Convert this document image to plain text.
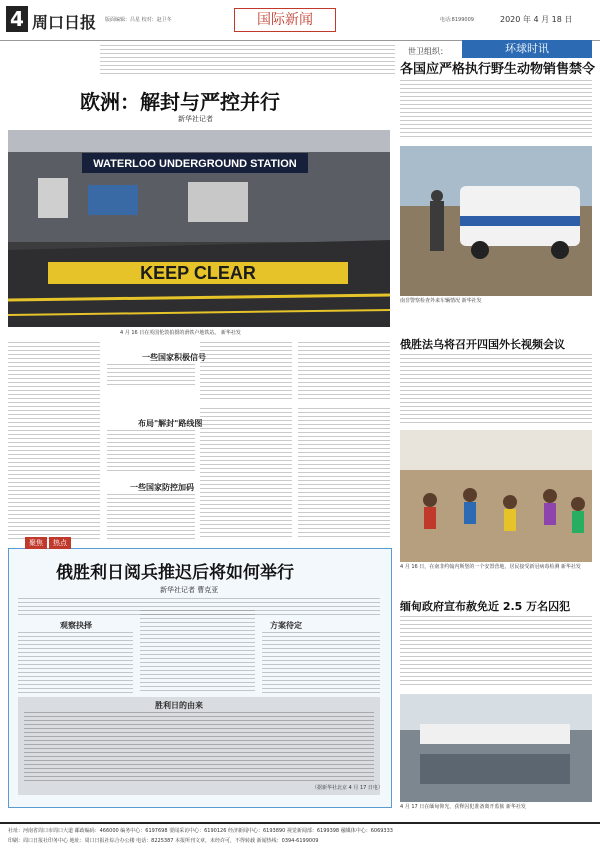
4 周口日报 版面编辑：吕星 校对：赵卫冬	国际新闻	电话:8199009	2020 年 4 月 18 日
环球时讯
欧洲：解封与严控并行
新华社记者
WATERLOO UNDERGROUND STATION
KEEP CLEAR
4 月 16 日在英国伦敦拍摄的滑铁卢地铁站。 新华社发
一些国家积极信号
布局"解封"路线图
一些国家防控加码
聚焦	热点
俄胜利日阅兵推迟后将如何举行
新华社记者 曹克亚
观察抉择	方案待定
胜利日的由来
（据新华社北京 4 月 17 日电）
世卫组织：
各国应严格执行野生动物销售禁令
南非警察检查外来车辆情况 新华社发
俄胜法乌将召开四国外长视频会议
4 月 16 日，在南非约翰内斯堡的一个安置营地，居民接受新冠病毒检测 新华社发
缅甸政府宣布赦免近 2.5 万名囚犯
4 月 17 日在缅甸仰光，获释囚犯准备离开监狱 新华社发
社址：河南省周口市周口大道 邮政编码：466000 编务中心：6197698 要闻采访中心：6190126 经济新闻中心：6193890 视觉新闻部：6199398 融媒体中心：6069333
印刷：周口日报社印务中心 地址：周口日报社综合办公楼 电话：8225387 本报所刊文章，未经许可，不得转载 新闻热线：0394-6199009
